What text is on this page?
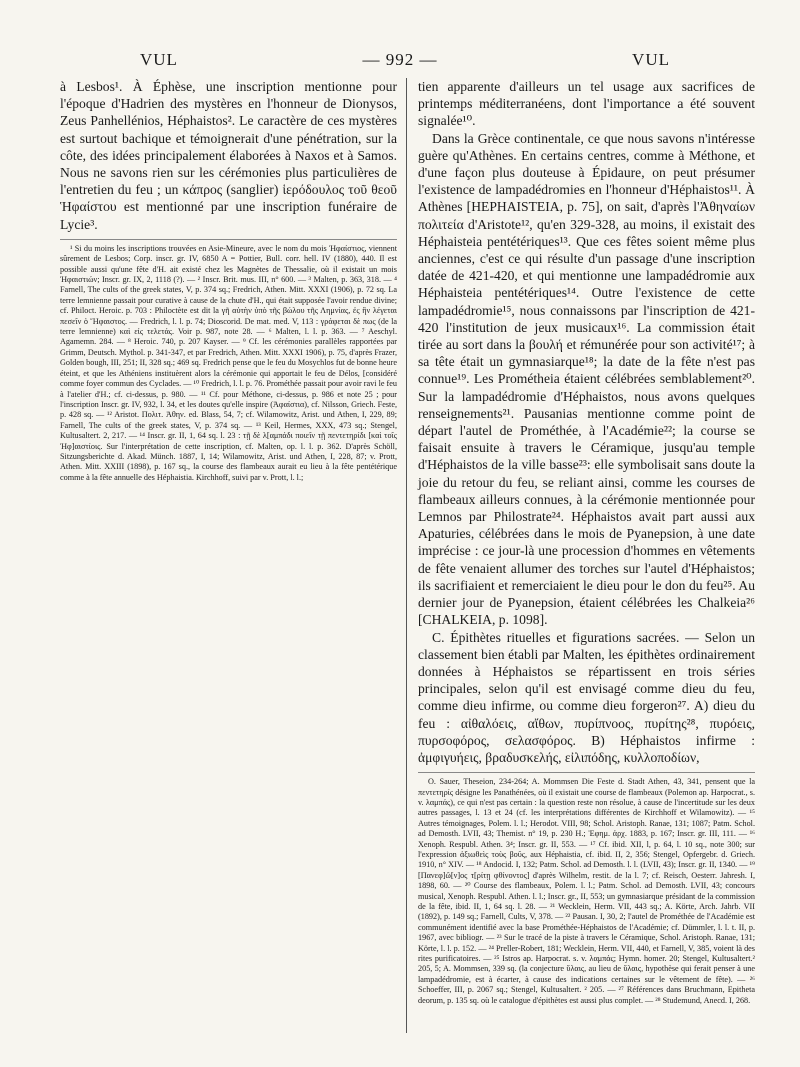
VUL	— 992 —	VUL

à Lesbos¹. À Éphèse, une inscription mentionne pour l'époque d'Hadrien des mystères en l'honneur de Dionysos, Zeus Panhellénios, Héphaistos². Le caractère de ces mystères est surtout bachique et témoignerait d'une pénétration, sur la côte, des idées principalement élaborées à Naxos et à Samos. Nous ne savons rien sur les cérémonies plus particulières de l'entretien du feu ; un κάπρος (sanglier) ἱερόδουλος τοῦ θεοῦ Ἡφαίστου est mentionné par une inscription funéraire de Lycie³.

¹ Si du moins les inscriptions trouvées en Asie-Mineure, avec le nom du mois Ἡφαίστιος, viennent sûrement de Lesbos; Corp. inscr. gr. IV, 6850 A = Pottier, Bull. corr. hell. IV (1880), 440. Il est possible aussi qu'une fête d'H. ait existé chez les Magnètes de Thessalie, où il existait un mois Ἡφαιστιών; Inscr. gr. IX, 2, 1118 (?). — ² Inscr. Brit. mus. III, n° 600. — ³ Malten, p. 363, 318. — ⁴ Farnell, The cults of the greek states, V, p. 374 sq.; Fredrich, Athen. Mitt. XXXI (1906), p. 72 sq. La terre lemnienne passait pour curative à cause de la chute d'H., qui était supposée l'avoir rendue divine; cf. Philoct. Heroic. p. 703 : Philoctète est dit la γῆ αὐτὴν ὑπὸ τῆς βώλου τῆς Λημνίας, ἐς ἣν λέγεται πεσεῖν ὁ Ἥφαιστος. — Fredrich, l. l. p. 74; Dioscorid. De mat. med. V, 113 : γράφεται δὲ πως (de la terre lemnienne) καὶ εἰς τελετάς. Voir p. 987, note 28. — ⁶ Malten, l. l. p. 363. — ⁷ Aeschyl. Agamemn. 284. — ⁸ Heroic. 740, p. 207 Kayser. — ⁹ Cf. les cérémonies parallèles rapportées par Grimm, Deutsch. Mythol. p. 341-347, et par Fredrich, Athen. Mitt. XXXI 1906), p. 75, d'après Frazer, Golden bough, III, 251; II, 328 sq.; 469 sq. Fredrich pense que le feu du Mosychlos fut de bonne heure éteint, et que les Athéniens instituèrent alors la cérémonie qui apportait le feu de Délos, [considéré comme foyer commun des Cyclades. — ¹⁰ Fredrich, l. l. p. 76. Prométhée passait pour avoir ravi le feu à l'atelier d'H.; cf. ci-dessus, p. 980. — ¹¹ Cf. pour Méthone, ci-dessus, p. 986 et note 25 ; pour l'inscription Inscr. gr. IV, 932, l. 34, et les doutes qu'elle inspire (Ἀφαίστια), cf. Nilsson, Griech. Feste, p. 428 sq. — ¹² Aristot. Πολιτ. Ἀθην. ed. Blass, 54, 7; cf. Wilamowitz, Arist. und Athen, I, 229, 89; Farnell, The cults of the greek states, V, p. 374 sq. — ¹³ Keil, Hermes, XXX, 473 sq.; Stengel, Kultusaltert. 2, 217. — ¹⁴ Inscr. gr. II, 1, 64 sq. l. 23 : τῇ δὲ λ[αμπάδι ποιεῖν τῇ πεντετηρίδι [καὶ τοῖς Ἡφ]αιστίοις. Sur l'interprétation de cette inscription, cf. Malten, op. l. l. p. 362. D'après Schöll, Sitzungsberichte d. Akad. Münch. 1887, I, 14; Wilamowitz, Arist. und Athen, I, 228, 87; v. Prott, Athen. Mitt. XXIII (1898), p. 167 sq., la course des flambeaux aurait eu lieu à la fête pentétérique comme à la fête annuelle des Héphaistia. Kirchhoff, suivi par v. Prott, l. l.;

tien apparente d'ailleurs un tel usage aux sacrifices de printemps méditerranéens, dont l'importance a été souvent signalée¹⁰.

Dans la Grèce continentale, ce que nous savons n'intéresse guère qu'Athènes. En certains centres, comme à Méthone, et d'une façon plus douteuse à Épidaure, on peut présumer l'existence de lampadédromies en l'honneur d'Héphaistos¹¹. À Athènes [HEPHAISTEIA, p. 75], on sait, d'après l'Ἀθηναίων πολιτεία d'Aristote¹², qu'en 329-328, au moins, il existait des Héphaisteia pentétériques¹³. Que ces fêtes soient même plus anciennes, c'est ce qui résulte d'un passage d'une inscription datée de 421-420, et qui mentionne une lampadédromie aux Héphaisteia pentétériques¹⁴. Outre l'existence de cette lampadédromie¹⁵, nous connaissons par l'inscription de 421-420 l'institution de jeux musicaux¹⁶. La commission était tirée au sort dans la βουλή et rémunérée pour son activité¹⁷; à sa tête était un gymnasiarque¹⁸; la date de la fête n'est pas connue¹⁹. Les Prométheia étaient célébrées semblablement²⁰. Sur la lampadédromie d'Héphaistos, nous avons quelques renseignements²¹. Pausanias mentionne comme point de départ l'autel de Prométhée, à l'Académie²²; la course se faisait ensuite à travers le Céramique, jusqu'au temple d'Héphaistos de la ville basse²³: elle symbolisait sans doute la joie du retour du feu, se reliant ainsi, comme les courses de flambeaux ailleurs connues, à la cérémonie mentionnée pour Lemnos par Philostrate²⁴. Héphaistos avait part aussi aux Apaturies, célébrées dans le mois de Pyanepsion, à une date imprécise : ce jour-là une procession d'hommes en vêtements de fête venaient allumer des torches sur l'autel d'Héphaistos; ils sacrifiaient et remerciaient le dieu pour le don du feu²⁵. Au dernier jour de Pyanepsion, étaient célébrées les Chalkeia²⁶ [CHALKEIA, p. 1098].

C. Épithètes rituelles et figurations sacrées. — Selon un classement bien établi par Malten, les épithètes ordinairement données à Héphaistos se répartissent en trois séries principales, selon qu'il est envisagé comme dieu du feu, comme dieu infirme, ou comme dieu forgeron²⁷. A) dieu du feu : αἰθαλόεις, αἴθων, πυρίπνοος, πυρίτης²⁸, πυρόεις, πυρσοφόρος, σελασφόρος. B) Héphaistos infirme : ἀμφιγυήεις, βραδυσκελής, εἰλιπόδης, κυλλοποδίων,

O. Sauer, Theseion, 234-264; A. Mommsen Die Feste d. Stadt Athen, 43, 341, pensent que la πεντετηρίς désigne les Panathénées, où il existait une course de flambeaux (Polemon ap. Harpocrat., s. v. λαμπάς), ce qui n'est pas certain : la question reste non résolue, à cause de l'incertitude sur les deux autres passages, l. 13 et 24 (cf. les interprétations différentes de Kirchhoff et Wilamowitz). — ¹⁵ Autres témoignages, Polem. l. l.; Herodot. VIII, 98; Schol. Aristoph. Ranae, 131; 1087; Patm. Schol. ad Demosth. LVII, 43; Themist. n° 19, p. 230 H.; Ἐφημ. ἀρχ. 1883, p. 167; Inscr. gr. III, 111. — ¹⁶ Xenoph. Respubl. Athen. 3⁴; Inscr. gr. II, 553. — ¹⁷ Cf. ibid. XII, l, p. 64, l. 10 sq., note 300; sur l'expression ἀξιωθεὶς τοὺς βοῦς, aux Héphaistia, cf. ibid. II, 2, 356; Stengel, Opfergebr. d. Griech. 1910, n° XIV. — ¹⁸ Andocid. I, 132; Patm. Schol. ad Demosth. l. l. (LVII, 43); Inscr. gr. II, 1340. — ¹⁹ [Πανεφ]ῶ[ν]ος τ[ρίτῃ φθίνοντος] d'après Wilhelm, restit. de la l. 7; cf. Reisch, Oesterr. Jahresh. I, 1898, 60. — ²⁰ Course des flambeaux, Polem. l. l.; Patm. Schol. ad Demosth. LVII, 43; concours musical, Xenoph. Respubl. Athen. l. l.; Inscr. gr., II, 553; un gymnasiarque présidant de la commission de la fête, ibid. II, 1, 64 sq. l. 28. — ²¹ Wecklein, Herm. VII, 443 sq.; A. Körte, Arch. Jahrb. VII (1892), p. 149 sq.; Farnell, Cults, V, 378. — ²² Pausan. I, 30, 2; l'autel de Prométhée de l'Académie est communément identifié avec la base Prométhée-Héphaistos de l'Académie; cf. Dümmler, l. l. t. II, p. 1967, avec bibliogr. — ²³ Sur le tracé de la piste à travers le Céramique, Schol. Aristoph. Ranae, 131; Körte, l. l. p. 152. — ²⁴ Preller-Robert, 181; Wecklein, Herm. VII, 440, et Farnell, V, 385, voient là des rites purificatoires. — ²⁵ Istros ap. Harpocrat. s. v. λαμπάς; Hymn. homer. 20; Stengel, Kultusaltert.² 205, 5; A. Mommsen, 339 sq. (la conjecture ὕλαις, au lieu de ὕλαις, hypothèse qui ferait penser à une lampadédromie, est à écarter, à cause des indications certaines sur le vêtement de fête). — ²⁶ Schoeffer, III, p. 2067 sq.; Stengel, Kultusaltert. ² 205. — ²⁷ Références dans Bruchmann, Epitheta deorum, p. 135 sq. où le catalogue d'épithètes est aussi plus complet. — ²⁸ Studemund, Anecd. I, 268.
